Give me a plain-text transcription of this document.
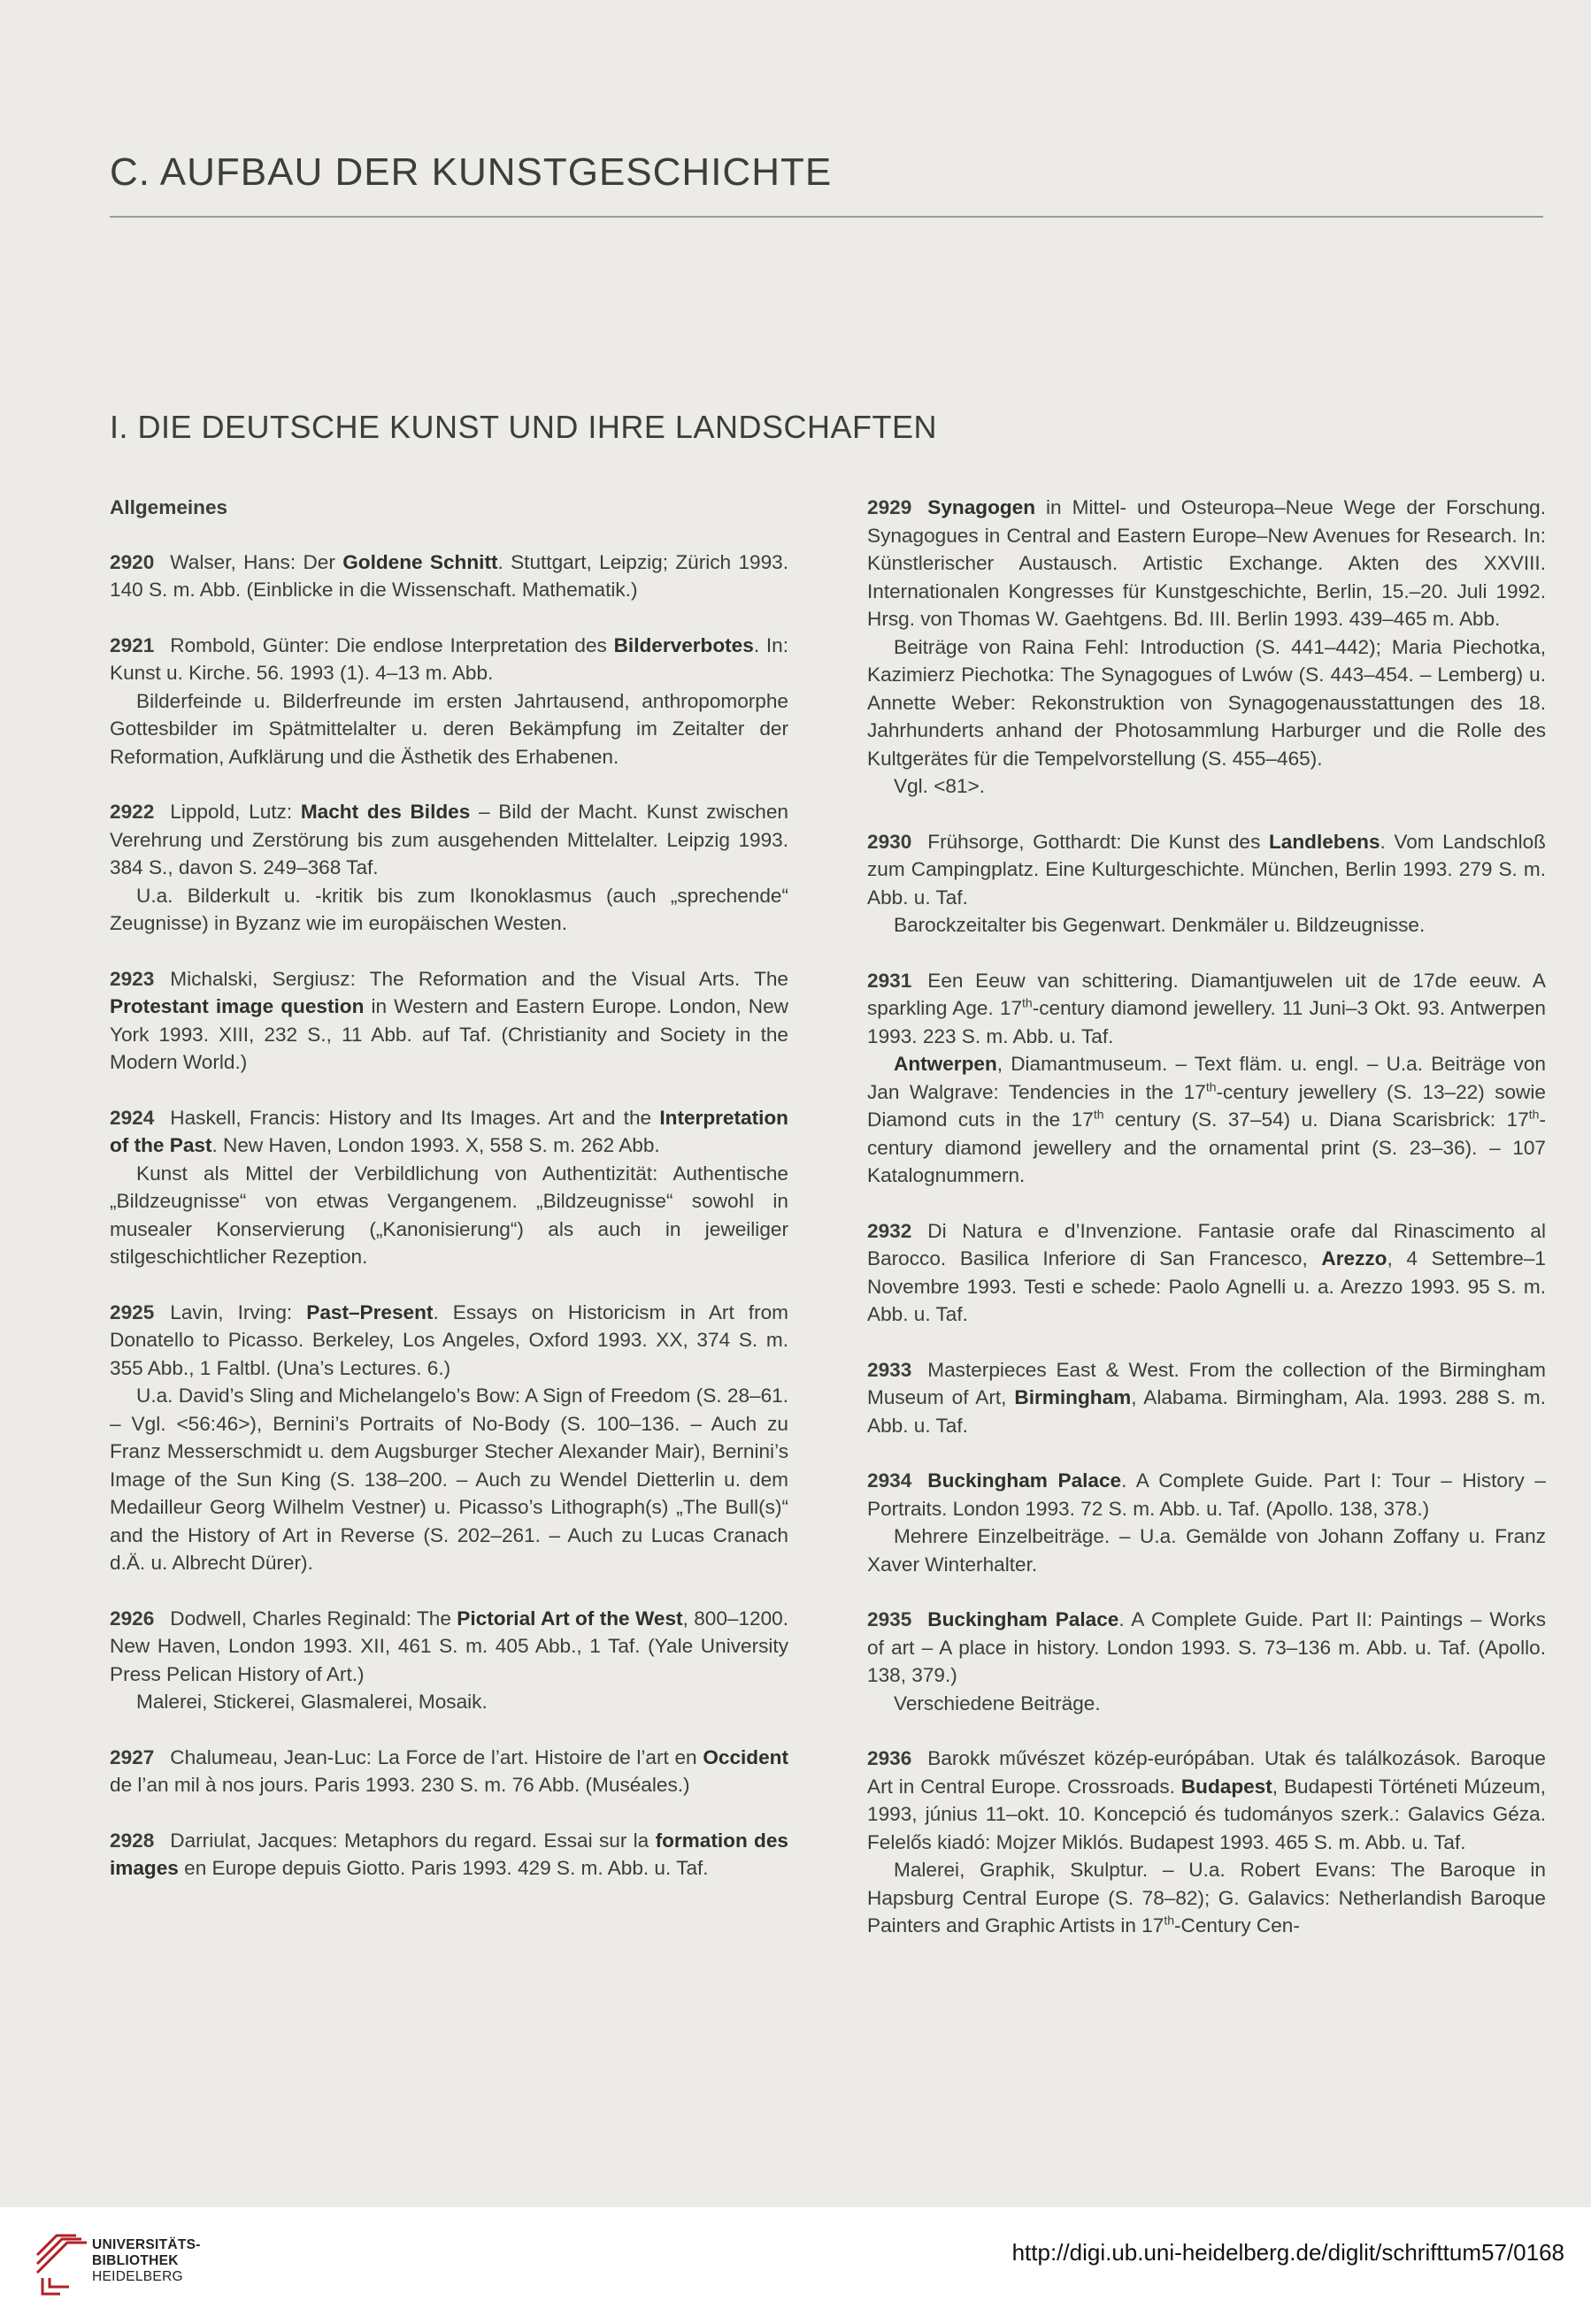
· · · · ·
C. AUFBAU DER KUNSTGESCHICHTE
I. DIE DEUTSCHE KUNST UND IHRE LANDSCHAFTEN
Allgemeines

2920 Walser, Hans: Der Goldene Schnitt. Stuttgart, Leipzig; Zürich 1993. 140 S. m. Abb. (Einblicke in die Wissenschaft. Mathematik.)

2921 Rombold, Günter: Die endlose Interpretation des Bilderverbotes. In: Kunst u. Kirche. 56. 1993 (1). 4–13 m. Abb.

Bilderfeinde u. Bilderfreunde im ersten Jahrtausend, anthropomorphe Gottesbilder im Spätmittelalter u. deren Bekämpfung im Zeitalter der Reformation, Aufklärung und die Ästhetik des Erhabenen.

2922 Lippold, Lutz: Macht des Bildes – Bild der Macht. Kunst zwischen Verehrung und Zerstörung bis zum ausgehenden Mittelalter. Leipzig 1993. 384 S., davon S. 249–368 Taf.

U.a. Bilderkult u. -kritik bis zum Ikonoklasmus (auch „sprechende“ Zeugnisse) in Byzanz wie im europäischen Westen.

2923 Michalski, Sergiusz: The Reformation and the Visual Arts. The Protestant image question in Western and Eastern Europe. London, New York 1993. XIII, 232 S., 11 Abb. auf Taf. (Christianity and Society in the Modern World.)

2924 Haskell, Francis: History and Its Images. Art and the Interpretation of the Past. New Haven, London 1993. X, 558 S. m. 262 Abb.

Kunst als Mittel der Verbildlichung von Authentizität: Authentische „Bildzeugnisse“ von etwas Vergangenem. „Bildzeugnisse“ sowohl in musealer Konservierung („Kanonisierung“) als auch in jeweiliger stilgeschichtlicher Rezeption.

2925 Lavin, Irving: Past–Present. Essays on Historicism in Art from Donatello to Picasso. Berkeley, Los Angeles, Oxford 1993. XX, 374 S. m. 355 Abb., 1 Faltbl. (Una’s Lectures. 6.)

U.a. David’s Sling and Michelangelo’s Bow: A Sign of Freedom (S. 28–61. – Vgl. <56:46>), Bernini’s Portraits of No-Body (S. 100–136. – Auch zu Franz Messerschmidt u. dem Augsburger Stecher Alexander Mair), Bernini’s Image of the Sun King (S. 138–200. – Auch zu Wendel Dietterlin u. dem Medailleur Georg Wilhelm Vestner) u. Picasso’s Lithograph(s) „The Bull(s)“ and the History of Art in Reverse (S. 202–261. – Auch zu Lucas Cranach d.Ä. u. Albrecht Dürer).

2926 Dodwell, Charles Reginald: The Pictorial Art of the West, 800–1200. New Haven, London 1993. XII, 461 S. m. 405 Abb., 1 Taf. (Yale University Press Pelican History of Art.)

Malerei, Stickerei, Glasmalerei, Mosaik.

2927 Chalumeau, Jean-Luc: La Force de l’art. Histoire de l’art en Occident de l’an mil à nos jours. Paris 1993. 230 S. m. 76 Abb. (Muséales.)

2928 Darriulat, Jacques: Metaphors du regard. Essai sur la formation des images en Europe depuis Giotto. Paris 1993. 429 S. m. Abb. u. Taf.

2929 Synagogen in Mittel- und Osteuropa–Neue Wege der Forschung. Synagogues in Central and Eastern Europe–New Avenues for Research. In: Künstlerischer Austausch. Artistic Exchange. Akten des XXVIII. Internationalen Kongresses für Kunstgeschichte, Berlin, 15.–20. Juli 1992. Hrsg. von Thomas W. Gaehtgens. Bd. III. Berlin 1993. 439–465 m. Abb.

Beiträge von Raina Fehl: Introduction (S. 441–442); Maria Piechotka, Kazimierz Piechotka: The Synagogues of Lwów (S. 443–454. – Lemberg) u. Annette Weber: Rekonstruktion von Synagogenausstattungen des 18. Jahrhunderts anhand der Photosammlung Harburger und die Rolle des Kultgerätes für die Tempelvorstellung (S. 455–465).

Vgl. <81>.

2930 Frühsorge, Gotthardt: Die Kunst des Landlebens. Vom Landschloß zum Campingplatz. Eine Kulturgeschichte. München, Berlin 1993. 279 S. m. Abb. u. Taf.

Barockzeitalter bis Gegenwart. Denkmäler u. Bildzeugnisse.

2931 Een Eeuw van schittering. Diamantjuwelen uit de 17de eeuw. A sparkling Age. 17th-century diamond jewellery. 11 Juni–3 Okt. 93. Antwerpen 1993. 223 S. m. Abb. u. Taf.

Antwerpen, Diamantmuseum. – Text fläm. u. engl. – U.a. Beiträge von Jan Walgrave: Tendencies in the 17th-century jewellery (S. 13–22) sowie Diamond cuts in the 17th century (S. 37–54) u. Diana Scarisbrick: 17th-century diamond jewellery and the ornamental print (S. 23–36). – 107 Katalognummern.

2932 Di Natura e d’Invenzione. Fantasie orafe dal Rinascimento al Barocco. Basilica Inferiore di San Francesco, Arezzo, 4 Settembre–1 Novembre 1993. Testi e schede: Paolo Agnelli u. a. Arezzo 1993. 95 S. m. Abb. u. Taf.

2933 Masterpieces East & West. From the collection of the Birmingham Museum of Art, Birmingham, Alabama. Birmingham, Ala. 1993. 288 S. m. Abb. u. Taf.

2934 Buckingham Palace. A Complete Guide. Part I: Tour – History – Portraits. London 1993. 72 S. m. Abb. u. Taf. (Apollo. 138, 378.)

Mehrere Einzelbeiträge. – U.a. Gemälde von Johann Zoffany u. Franz Xaver Winterhalter.

2935 Buckingham Palace. A Complete Guide. Part II: Paintings – Works of art – A place in history. London 1993. S. 73–136 m. Abb. u. Taf. (Apollo. 138, 379.)

Verschiedene Beiträge.

2936 Barokk művészet közép-európában. Utak és találkozások. Baroque Art in Central Europe. Crossroads. Budapest, Budapesti Történeti Múzeum, 1993, június 11–okt. 10. Koncepció és tudományos szerk.: Galavics Géza. Felelős kiadó: Mojzer Miklós. Budapest 1993. 465 S. m. Abb. u. Taf.

Malerei, Graphik, Skulptur. – U.a. Robert Evans: The Baroque in Hapsburg Central Europe (S. 78–82); G. Galavics: Netherlandish Baroque Painters and Graphic Artists in 17th-Century Cen-

UNIVERSITÄTS-
BIBLIOTHEK
HEIDELBERG
http://digi.ub.uni-heidelberg.de/diglit/schrifttum57/0168
